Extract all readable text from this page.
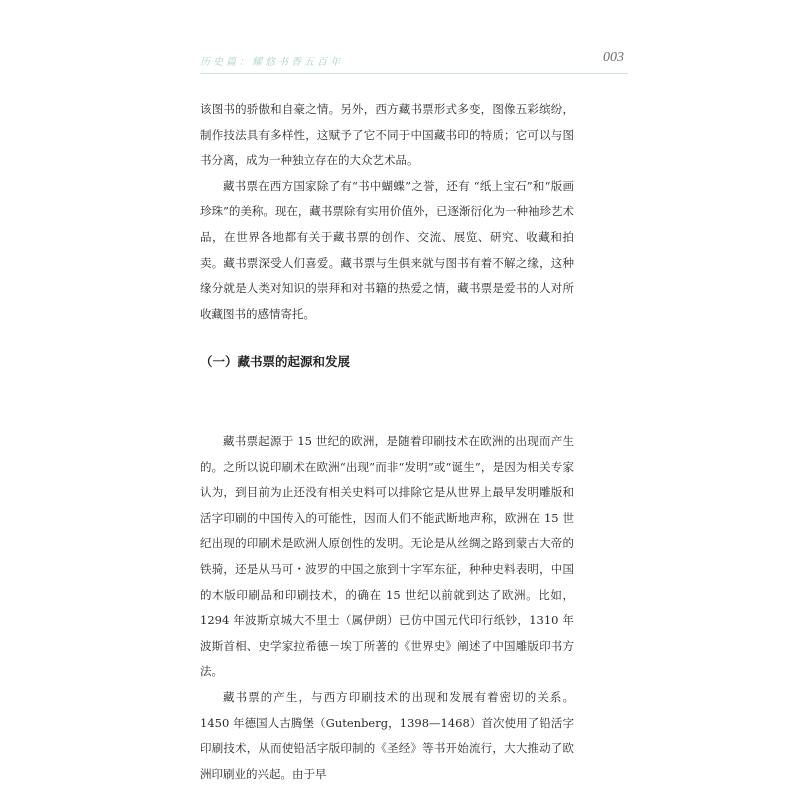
历史篇：耀悠书香五百年	003

该图书的骄傲和自豪之情。另外，西方藏书票形式多变，图像五彩缤纷，制作技法具有多样性，这赋予了它不同于中国藏书印的特质；它可以与图书分离，成为一种独立存在的大众艺术品。

藏书票在西方国家除了有“书中蝴蝶”之誉，还有 “纸上宝石”和“版画珍珠”的美称。现在，藏书票除有实用价值外，已逐渐衍化为一种袖珍艺术品，在世界各地都有关于藏书票的创作、交流、展览、研究、收藏和拍卖。藏书票深受人们喜爱。藏书票与生俱来就与图书有着不解之缘，这种缘分就是人类对知识的崇拜和对书籍的热爱之情，藏书票是爱书的人对所收藏图书的感情寄托。

（一）藏书票的起源和发展

藏书票起源于 15 世纪的欧洲，是随着印刷技术在欧洲的出现而产生的。之所以说印刷术在欧洲“出现”而非“发明”或“诞生”，是因为相关专家认为，到目前为止还没有相关史料可以排除它是从世界上最早发明雕版和活字印刷的中国传入的可能性，因而人们不能武断地声称，欧洲在 15 世纪出现的印刷术是欧洲人原创性的发明。无论是从丝绸之路到蒙古大帝的铁骑，还是从马可・波罗的中国之旅到十字军东征，种种史料表明，中国的木版印刷品和印刷技术，的确在 15 世纪以前就到达了欧洲。比如，1294 年波斯京城大不里士（属伊朗）已仿中国元代印行纸钞，1310 年波斯首相、史学家拉希德－埃丁所著的《世界史》阐述了中国雕版印书方法。

藏书票的产生，与西方印刷技术的出现和发展有着密切的关系。1450 年德国人古腾堡（Gutenberg，1398—1468）首次使用了铅活字印刷技术，从而使铅活字版印制的《圣经》等书开始流行，大大推动了欧洲印刷业的兴起。由于早
